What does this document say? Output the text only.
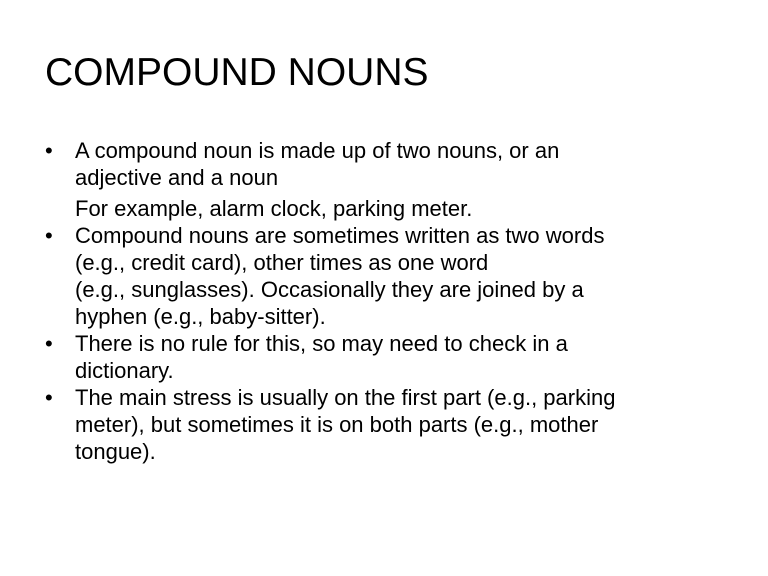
COMPOUND NOUNS
•	A compound noun is made up of two nouns, or an
adjective and a noun
For example, alarm clock, parking meter.
•	Compound nouns are sometimes written as two words
(e.g., credit card), other times as one word
(e.g., sunglasses). Occasionally they are joined by a
hyphen (e.g., baby-sitter).
•	There is no rule for this, so may need to check in a
dictionary.
•	The main stress is usually on the first part (e.g., parking
meter), but sometimes it is on both parts (e.g., mother
tongue).
